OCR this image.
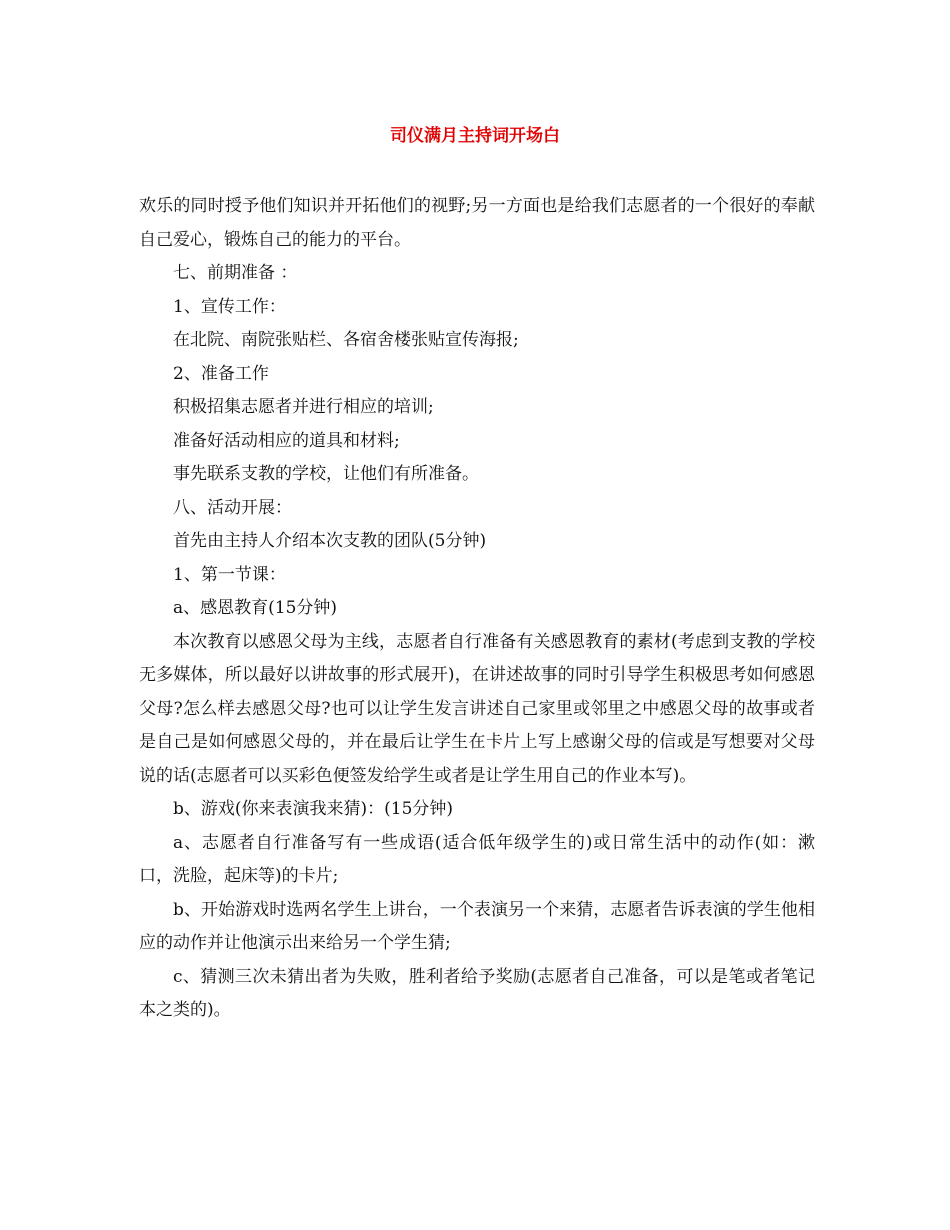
司仪满月主持词开场白

欢乐的同时授予他们知识并开拓他们的视野;另一方面也是给我们志愿者的一个很好的奉献自己爱心，锻炼自己的能力的平台。

七、前期准备 ：

1、宣传工作：

在北院、南院张贴栏、各宿舍楼张贴宣传海报;

2、准备工作

积极招集志愿者并进行相应的培训;

准备好活动相应的道具和材料;

事先联系支教的学校，让他们有所准备。

八、活动开展：

首先由主持人介绍本次支教的团队(5分钟)

1、第一节课：

a、感恩教育(15分钟)

本次教育以感恩父母为主线，志愿者自行准备有关感恩教育的素材(考虑到支教的学校无多媒体，所以最好以讲故事的形式展开)，在讲述故事的同时引导学生积极思考如何感恩父母?怎么样去感恩父母?也可以让学生发言讲述自己家里或邻里之中感恩父母的故事或者是自己是如何感恩父母的，并在最后让学生在卡片上写上感谢父母的信或是写想要对父母说的话(志愿者可以买彩色便签发给学生或者是让学生用自己的作业本写)。

b、游戏(你来表演我来猜)：(15分钟)

a、志愿者自行准备写有一些成语(适合低年级学生的)或日常生活中的动作(如：漱口，洗脸，起床等)的卡片;

b、开始游戏时选两名学生上讲台，一个表演另一个来猜，志愿者告诉表演的学生他相应的动作并让他演示出来给另一个学生猜;

c、猜测三次未猜出者为失败，胜利者给予奖励(志愿者自己准备，可以是笔或者笔记本之类的)。
